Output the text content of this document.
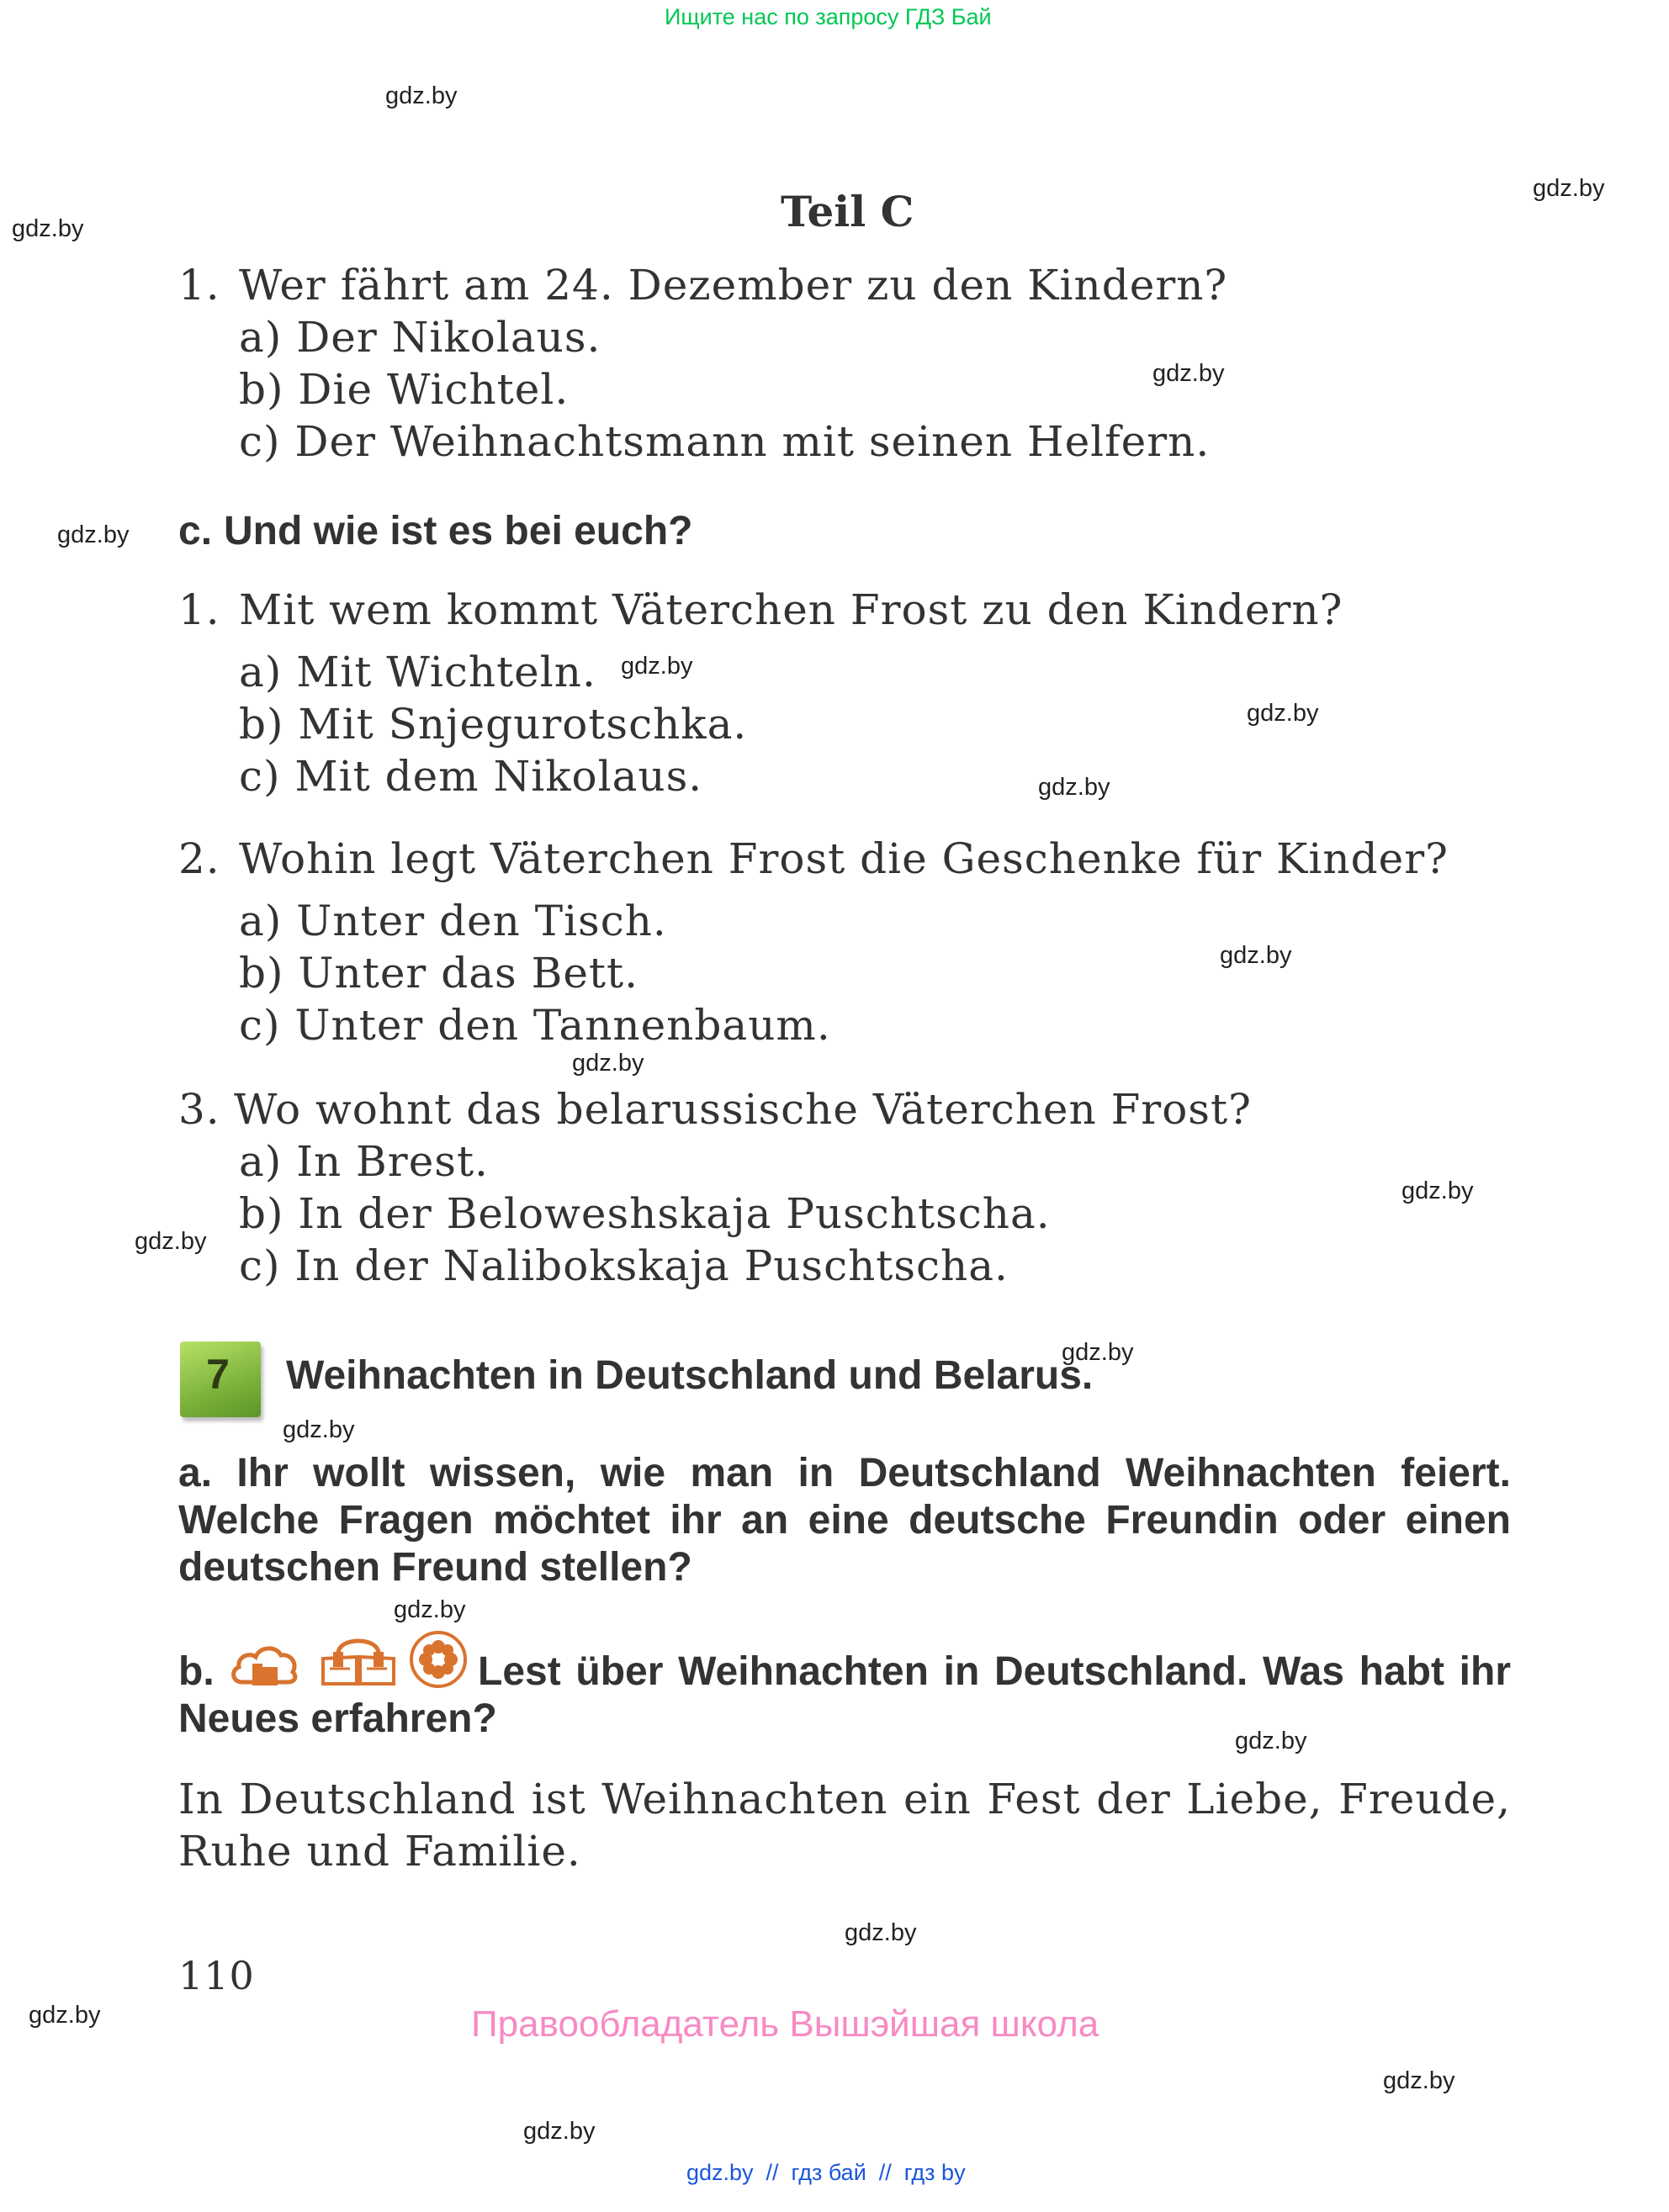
Ищите нас по запросу ГДЗ Бай
gdz.by
gdz.by
gdz.by
gdz.by
gdz.by
gdz.by
gdz.by
gdz.by
gdz.by
gdz.by
gdz.by
gdz.by
gdz.by
gdz.by
gdz.by
gdz.by
gdz.by
gdz.by
gdz.by
gdz.by
Teil C
1. Wer fährt am 24. Dezember zu den Kindern?
a) Der Nikolaus.
b) Die Wichtel.
c) Der Weihnachtsmann mit seinen Helfern.
c. Und wie ist es bei euch?
1. Mit wem kommt Väterchen Frost zu den Kindern?
a) Mit Wichteln.
b) Mit Snjegurotschka.
c) Mit dem Nikolaus.
2. Wohin legt Väterchen Frost die Geschenke für Kinder?
a) Unter den Tisch.
b) Unter das Bett.
c) Unter den Tannenbaum.
3. Wo wohnt das belarussische Väterchen Frost?
a) In Brest.
b) In der Beloweshskaja Puschtscha.
c) In der Nalibokskaja Puschtscha.
7	Weihnachten in Deutschland und Belarus.
a. Ihr wollt wissen, wie man in Deutschland Weihnachten feiert. Welche Fragen möchtet ihr an eine deutsche Freundin oder einen deutschen Freund stellen?
b.	Lest über Weihnachten in Deutschland. Was habt ihr Neues erfahren?
In Deutschland ist Weihnachten ein Fest der Liebe, Freude, Ruhe und Familie.
110
Правообладатель Вышэйшая школа
gdz.by  //  гдз бай  //  гдз by
